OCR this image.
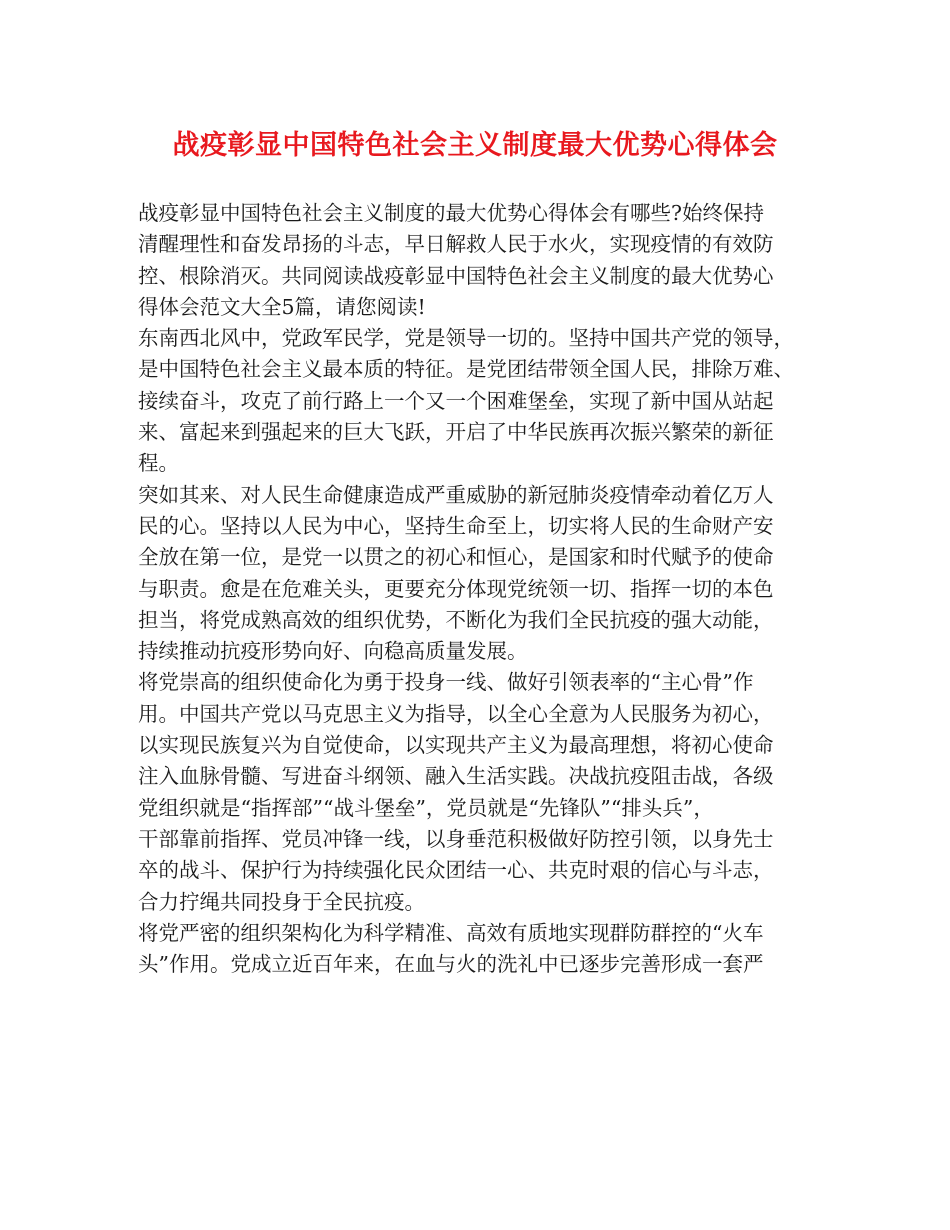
战疫彰显中国特色社会主义制度最大优势心得体会
战疫彰显中国特色社会主义制度的最大优势心得体会有哪些?始终保持
清醒理性和奋发昂扬的斗志，早日解救人民于水火，实现疫情的有效防
控、根除消灭。共同阅读战疫彰显中国特色社会主义制度的最大优势心
得体会范文大全5篇，请您阅读!
东南西北风中，党政军民学，党是领导一切的。坚持中国共产党的领导，
是中国特色社会主义最本质的特征。是党团结带领全国人民，排除万难、
接续奋斗，攻克了前行路上一个又一个困难堡垒，实现了新中国从站起
来、富起来到强起来的巨大飞跃，开启了中华民族再次振兴繁荣的新征
程。
突如其来、对人民生命健康造成严重威胁的新冠肺炎疫情牵动着亿万人
民的心。坚持以人民为中心，坚持生命至上，切实将人民的生命财产安
全放在第一位，是党一以贯之的初心和恒心，是国家和时代赋予的使命
与职责。愈是在危难关头，更要充分体现党统领一切、指挥一切的本色
担当，将党成熟高效的组织优势，不断化为我们全民抗疫的强大动能，
持续推动抗疫形势向好、向稳高质量发展。
将党崇高的组织使命化为勇于投身一线、做好引领表率的“主心骨”作
用。中国共产党以马克思主义为指导，以全心全意为人民服务为初心，
以实现民族复兴为自觉使命，以实现共产主义为最高理想，将初心使命
注入血脉骨髓、写进奋斗纲领、融入生活实践。决战抗疫阻击战，各级
党组织就是“指挥部”“战斗堡垒”，党员就是“先锋队”“排头兵”，
干部靠前指挥、党员冲锋一线，以身垂范积极做好防控引领，以身先士
卒的战斗、保护行为持续强化民众团结一心、共克时艰的信心与斗志，
合力拧绳共同投身于全民抗疫。
将党严密的组织架构化为科学精准、高效有质地实现群防群控的“火车
头”作用。党成立近百年来，在血与火的洗礼中已逐步完善形成一套严
